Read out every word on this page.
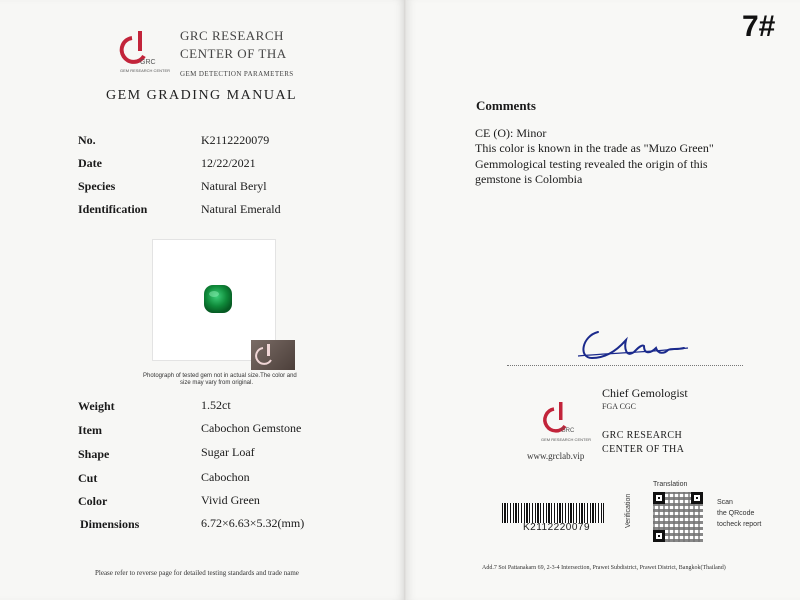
GRC
GEM RESEARCH CENTER
GRC RESEARCH
CENTER OF THA
GEM DETECTION PARAMETERS
GEM GRADING MANUAL
No.	K2112220079
Date	12/22/2021
Species	Natural Beryl
Identification	Natural Emerald
Photograph of tested gem not in actual size.The color and
size may vary from original.
Weight	1.52ct
Item	Cabochon Gemstone
Shape	Sugar Loaf
Cut	Cabochon
Color	Vivid Green
Dimensions	6.72×6.63×5.32(mm)
Please refer to reverse page for detailed testing standards and trade name
7#
Comments
CE (O): Minor
This color is known in the trade as "Muzo Green"
Gemmological testing revealed the origin of this
gemstone is Colombia
GRC
GEM RESEARCH CENTER
www.grclab.vip
Chief Gemologist
FGA CGC
GRC RESEARCH
CENTER OF THA
K2112220079
Translation
Verification	Scan
the QRcode
tocheck report
Add.7 Soi Pattanakarn 69, 2-3-4 Intersection, Prawet Subdistrict, Prawet District, Bangkok(Thailand)
